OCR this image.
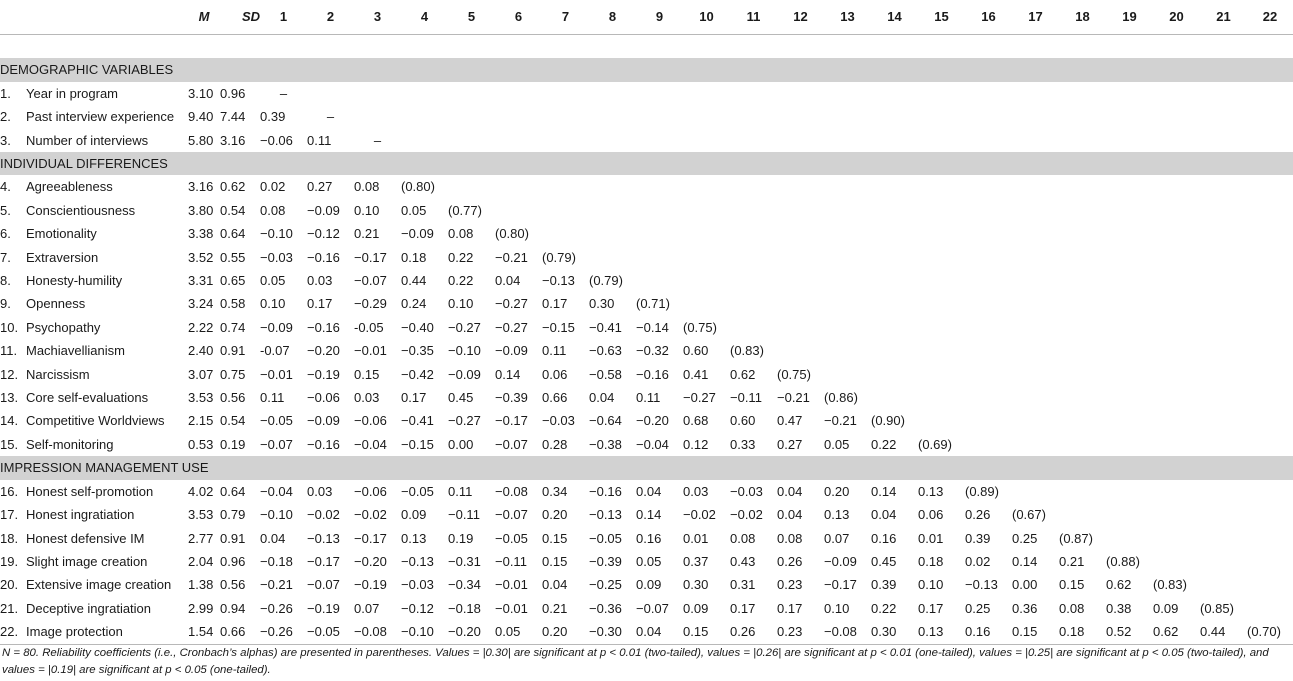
	M	SD	1	2	3	4	5	6	7	8	9	10	11	12	13	14	15	16	17	18	19	20	21	22

DEMOGRAPHIC VARIABLES																								
1. Year in program	3.10	0.96	–																					
2. Past interview experience	9.40	7.44	0.39	–																				
3. Number of interviews	5.80	3.16	−0.06	0.11	–																			
INDIVIDUAL DIFFERENCES																								
4. Agreeableness	3.16	0.62	0.02	0.27	0.08	(0.80)																		
5. Conscientiousness	3.80	0.54	0.08	−0.09	0.10	0.05	(0.77)																	
6. Emotionality	3.38	0.64	−0.10	−0.12	0.21	−0.09	0.08	(0.80)																
7. Extraversion	3.52	0.55	−0.03	−0.16	−0.17	0.18	0.22	−0.21	(0.79)															
8. Honesty-humility	3.31	0.65	0.05	0.03	−0.07	0.44	0.22	0.04	−0.13	(0.79)														
9. Openness	3.24	0.58	0.10	0.17	−0.29	0.24	0.10	−0.27	0.17	0.30	(0.71)													
10. Psychopathy	2.22	0.74	−0.09	−0.16	-0.05	−0.40	−0.27	−0.27	−0.15	−0.41	−0.14	(0.75)												
11. Machiavellianism	2.40	0.91	-0.07	−0.20	−0.01	−0.35	−0.10	−0.09	0.11	−0.63	−0.32	0.60	(0.83)											
12. Narcissism	3.07	0.75	−0.01	−0.19	0.15	−0.42	−0.09	0.14	0.06	−0.58	−0.16	0.41	0.62	(0.75)										
13. Core self-evaluations	3.53	0.56	0.11	−0.06	0.03	0.17	0.45	−0.39	0.66	0.04	0.11	−0.27	−0.11	−0.21	(0.86)									
14. Competitive Worldviews	2.15	0.54	−0.05	−0.09	−0.06	−0.41	−0.27	−0.17	−0.03	−0.64	−0.20	0.68	0.60	0.47	−0.21	(0.90)								
15. Self-monitoring	0.53	0.19	−0.07	−0.16	−0.04	−0.15	0.00	−0.07	0.28	−0.38	−0.04	0.12	0.33	0.27	0.05	0.22	(0.69)							
IMPRESSION MANAGEMENT USE																								
16. Honest self-promotion	4.02	0.64	−0.04	0.03	−0.06	−0.05	0.11	−0.08	0.34	−0.16	0.04	0.03	−0.03	0.04	0.20	0.14	0.13	(0.89)						
17. Honest ingratiation	3.53	0.79	−0.10	−0.02	−0.02	0.09	−0.11	−0.07	0.20	−0.13	0.14	−0.02	−0.02	0.04	0.13	0.04	0.06	0.26	(0.67)					
18. Honest defensive IM	2.77	0.91	0.04	−0.13	−0.17	0.13	0.19	−0.05	0.15	−0.05	0.16	0.01	0.08	0.08	0.07	0.16	0.01	0.39	0.25	(0.87)				
19. Slight image creation	2.04	0.96	−0.18	−0.17	−0.20	−0.13	−0.31	−0.11	0.15	−0.39	0.05	0.37	0.43	0.26	−0.09	0.45	0.18	0.02	0.14	0.21	(0.88)			
20. Extensive image creation	1.38	0.56	−0.21	−0.07	−0.19	−0.03	−0.34	−0.01	0.04	−0.25	0.09	0.30	0.31	0.23	−0.17	0.39	0.10	−0.13	0.00	0.15	0.62	(0.83)		
21. Deceptive ingratiation	2.99	0.94	−0.26	−0.19	0.07	−0.12	−0.18	−0.01	0.21	−0.36	−0.07	0.09	0.17	0.17	0.10	0.22	0.17	0.25	0.36	0.08	0.38	0.09	(0.85)	
22. Image protection	1.54	0.66	−0.26	−0.05	−0.08	−0.10	−0.20	0.05	0.20	−0.30	0.04	0.15	0.26	0.23	−0.08	0.30	0.13	0.16	0.15	0.18	0.52	0.62	0.44	(0.70)
N = 80. Reliability coefficients (i.e., Cronbach’s alphas) are presented in parentheses. Values = |0.30| are significant at p < 0.01 (two-tailed), values = |0.26| are significant at p < 0.01 (one-tailed), values = |0.25| are significant at p < 0.05 (two-tailed), and values = |0.19| are significant at p < 0.05 (one-tailed).
